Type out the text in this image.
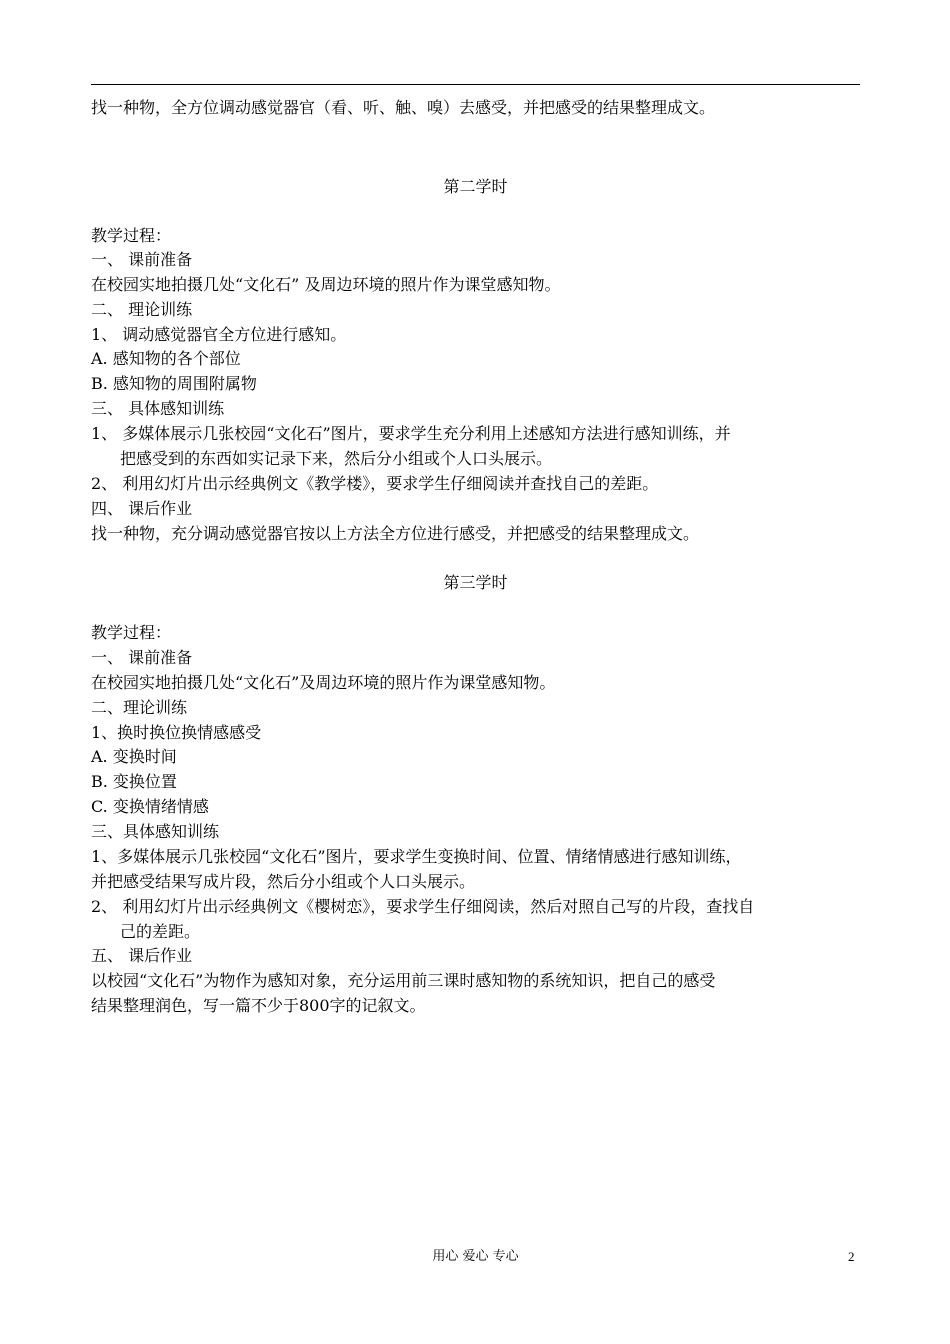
找一种物，全方位调动感觉器官（看、听、触、嗅）去感受，并把感受的结果整理成文。
第二学时
教学过程：
一、 课前准备
在校园实地拍摄几处“文化石” 及周边环境的照片作为课堂感知物。
二、 理论训练
1、 调动感觉器官全方位进行感知。
A. 感知物的各个部位
B. 感知物的周围附属物
三、 具体感知训练
1、 多媒体展示几张校园“文化石”图片，要求学生充分利用上述感知方法进行感知训练，并
把感受到的东西如实记录下来，然后分小组或个人口头展示。
2、 利用幻灯片出示经典例文《教学楼》，要求学生仔细阅读并查找自己的差距。
四、 课后作业
找一种物，充分调动感觉器官按以上方法全方位进行感受，并把感受的结果整理成文。
第三学时
教学过程：
一、 课前准备
在校园实地拍摄几处“文化石”及周边环境的照片作为课堂感知物。
二、理论训练
1、换时换位换情感感受
A. 变换时间
B. 变换位置
C. 变换情绪情感
三、具体感知训练
1、多媒体展示几张校园“文化石”图片，要求学生变换时间、位置、情绪情感进行感知训练，
并把感受结果写成片段，然后分小组或个人口头展示。
2、 利用幻灯片出示经典例文《樱树恋》，要求学生仔细阅读，然后对照自己写的片段，查找自
己的差距。
五、 课后作业
以校园“文化石”为物作为感知对象，充分运用前三课时感知物的系统知识，把自己的感受
结果整理润色，写一篇不少于800字的记叙文。
用心 爱心 专心	2
